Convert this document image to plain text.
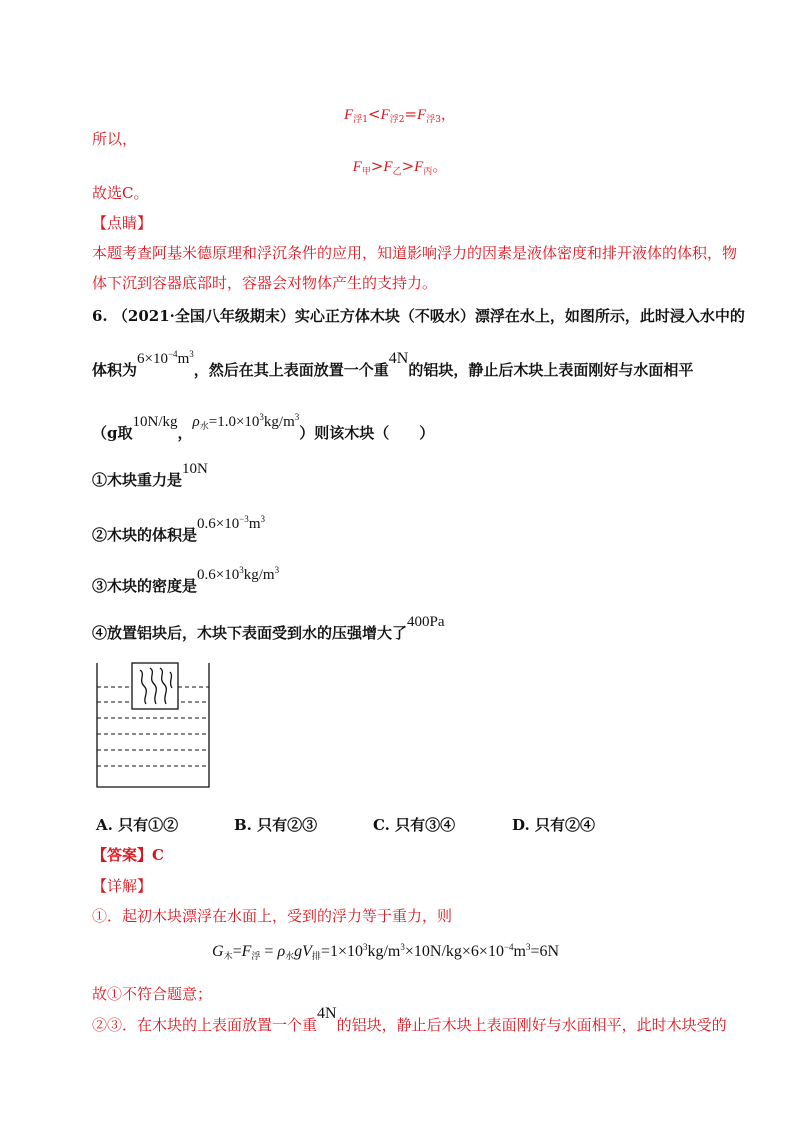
$F_{浮1}<F_{浮2}=F_{浮3}$，
所以，
$F_甲>F_乙>F_丙$。
故选C。
【点睛】
本题考查阿基米德原理和浮沉条件的应用，知道影响浮力的因素是液体密度和排开液体的体积，物
体下沉到容器底部时，容器会对物体产生的支持力。
6. （2021·全国八年级期末）实心正方体木块（不吸水）漂浮在水上，如图所示，此时浸入水中的
体积为$6\times 10^{-4}m^3$，然后在其上表面放置一个重4N的铝块，静止后木块上表面刚好与水面相平
（g取10N/kg，$\rho_水=1.0\times 10^3kg/m^3$）则该木块（　　）
①木块重力是10N
②木块的体积是$0.6\times 10^{-3}m^3$
③木块的密度是$0.6\times 10^3kg/m^3$
④放置铝块后，木块下表面受到水的压强增大了400Pa
A. 只有①②	B. 只有②③	C. 只有③④	D. 只有②④
【答案】C
【详解】
①．起初木块漂浮在水面上，受到的浮力等于重力，则
$G_木=F_浮 = \rho_水gV_排=1\times 10^3kg/m^3\times 10N/kg\times 6\times 10^{-4}m^3=6N$
故①不符合题意；
②③．在木块的上表面放置一个重4N的铝块，静止后木块上表面刚好与水面相平，此时木块受的
